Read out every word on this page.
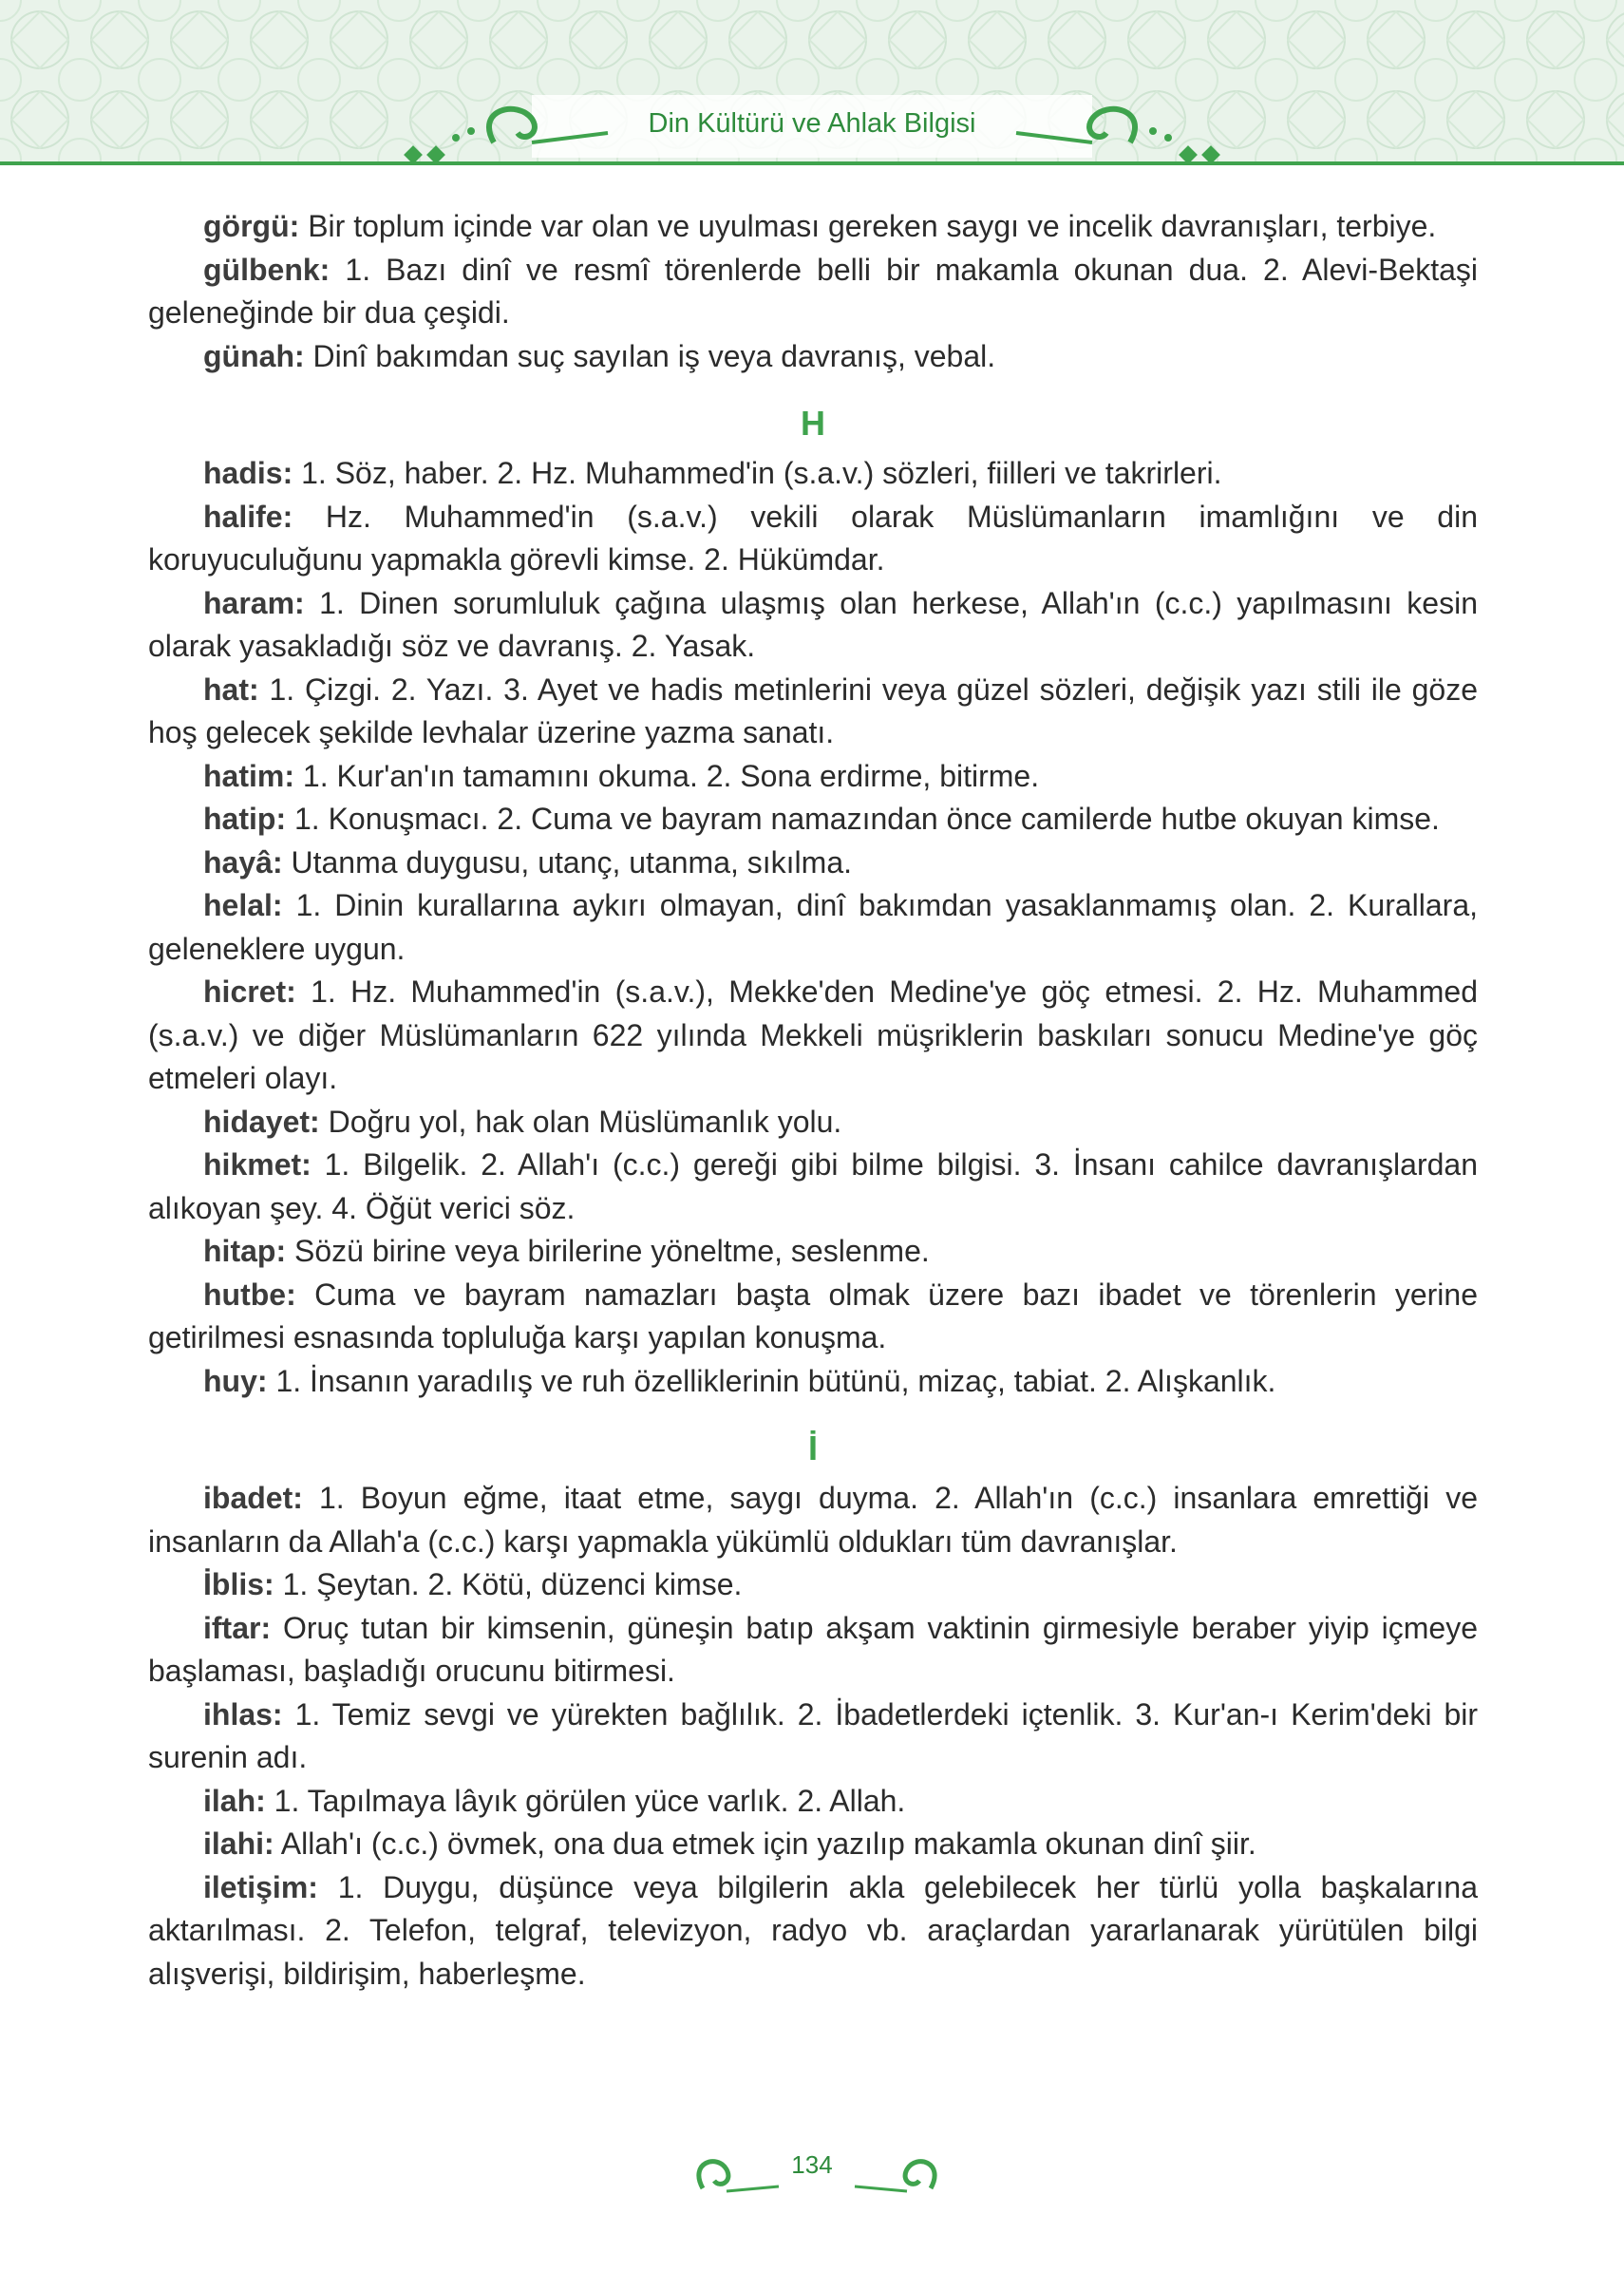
Din Kültürü ve Ahlak Bilgisi

görgü: Bir toplum içinde var olan ve uyulması gereken saygı ve incelik davranışları, terbiye.

gülbenk: 1. Bazı dinî ve resmî törenlerde belli bir makamla okunan dua. 2. Alevi-Bektaşi geleneğinde bir dua çeşidi.

günah: Dinî bakımdan suç sayılan iş veya davranış, vebal.

H

hadis: 1. Söz, haber. 2. Hz. Muhammed'in (s.a.v.) sözleri, fiilleri ve takrirleri.

halife: Hz. Muhammed'in (s.a.v.) vekili olarak Müslümanların imamlığını ve din koruyuculuğunu yapmakla görevli kimse. 2. Hükümdar.

haram: 1. Dinen sorumluluk çağına ulaşmış olan herkese, Allah'ın (c.c.) yapılmasını kesin olarak yasakladığı söz ve davranış. 2. Yasak.

hat: 1. Çizgi. 2. Yazı. 3. Ayet ve hadis metinlerini veya güzel sözleri, değişik yazı stili ile göze hoş gelecek şekilde levhalar üzerine yazma sanatı.

hatim: 1. Kur'an'ın tamamını okuma. 2. Sona erdirme, bitirme.

hatip: 1. Konuşmacı. 2. Cuma ve bayram namazından önce camilerde hutbe okuyan kimse.

hayâ: Utanma duygusu, utanç, utanma, sıkılma.

helal: 1. Dinin kurallarına aykırı olmayan, dinî bakımdan yasaklanmamış olan. 2. Kurallara, geleneklere uygun.

hicret: 1. Hz. Muhammed'in (s.a.v.), Mekke'den Medine'ye göç etmesi. 2. Hz. Muhammed (s.a.v.) ve diğer Müslümanların 622 yılında Mekkeli müşriklerin baskıları sonucu Medine'ye göç etmeleri olayı.

hidayet: Doğru yol, hak olan Müslümanlık yolu.

hikmet: 1. Bilgelik. 2. Allah'ı (c.c.) gereği gibi bilme bilgisi. 3. İnsanı cahilce davranışlardan alıkoyan şey. 4. Öğüt verici söz.

hitap: Sözü birine veya birilerine yöneltme, seslenme.

hutbe: Cuma ve bayram namazları başta olmak üzere bazı ibadet ve törenlerin yerine getirilmesi esnasında topluluğa karşı yapılan konuşma.

huy: 1. İnsanın yaradılış ve ruh özelliklerinin bütünü, mizaç, tabiat. 2. Alışkanlık.

İ

ibadet: 1. Boyun eğme, itaat etme, saygı duyma. 2. Allah'ın (c.c.) insanlara emrettiği ve insanların da Allah'a (c.c.) karşı yapmakla yükümlü oldukları tüm davranışlar.

İblis: 1. Şeytan. 2. Kötü, düzenci kimse.

iftar: Oruç tutan bir kimsenin, güneşin batıp akşam vaktinin girmesiyle beraber yiyip içmeye başlaması, başladığı orucunu bitirmesi.

ihlas: 1. Temiz sevgi ve yürekten bağlılık. 2. İbadetlerdeki içtenlik. 3. Kur'an-ı Kerim'deki bir surenin adı.

ilah: 1. Tapılmaya lâyık görülen yüce varlık. 2. Allah.

ilahi: Allah'ı (c.c.) övmek, ona dua etmek için yazılıp makamla okunan dinî şiir.

iletişim: 1. Duygu, düşünce veya bilgilerin akla gelebilecek her türlü yolla başkalarına aktarılması. 2. Telefon, telgraf, televizyon, radyo vb. araçlardan yararlanarak yürütülen bilgi alışverişi, bildirişim, haberleşme.

134
